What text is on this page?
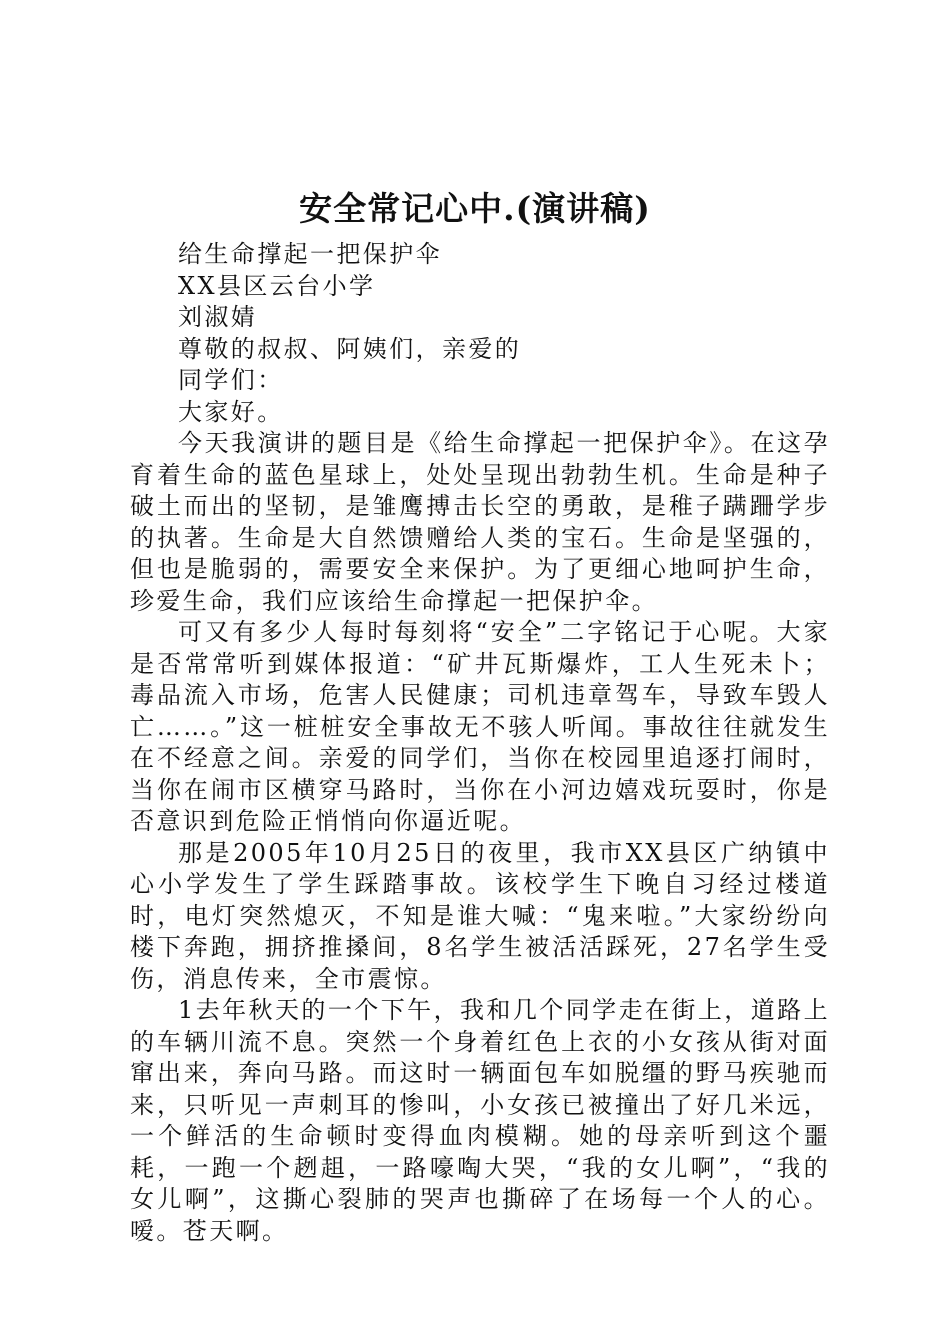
安全常记心中.(演讲稿)

给生命撑起一把保护伞

XX县区云台小学

刘淑婧

尊敬的叔叔、阿姨们，亲爱的

同学们：

大家好。

今天我演讲的题目是《给生命撑起一把保护伞》。在这孕育着生命的蓝色星球上，处处呈现出勃勃生机。生命是种子破土而出的坚韧，是雏鹰搏击长空的勇敢，是稚子蹒跚学步的执著。生命是大自然馈赠给人类的宝石。生命是坚强的，但也是脆弱的，需要安全来保护。为了更细心地呵护生命，珍爱生命，我们应该给生命撑起一把保护伞。

可又有多少人每时每刻将“安全”二字铭记于心呢。大家是否常常听到媒体报道：“矿井瓦斯爆炸，工人生死未卜；毒品流入市场，危害人民健康；司机违章驾车，导致车毁人亡……。”这一桩桩安全事故无不骇人听闻。事故往往就发生在不经意之间。亲爱的同学们，当你在校园里追逐打闹时，当你在闹市区横穿马路时，当你在小河边嬉戏玩耍时，你是否意识到危险正悄悄向你逼近呢。

那是2005年10月25日的夜里，我市XX县区广纳镇中心小学发生了学生踩踏事故。该校学生下晚自习经过楼道时，电灯突然熄灭，不知是谁大喊：“鬼来啦。”大家纷纷向楼下奔跑，拥挤推搡间，8名学生被活活踩死，27名学生受伤，消息传来，全市震惊。

1去年秋天的一个下午，我和几个同学走在街上，道路上的车辆川流不息。突然一个身着红色上衣的小女孩从街对面窜出来，奔向马路。而这时一辆面包车如脱缰的野马疾驰而来，只听见一声刺耳的惨叫，小女孩已被撞出了好几米远，一个鲜活的生命顿时变得血肉模糊。她的母亲听到这个噩耗，一跑一个趔趄，一路嚎啕大哭，“我的女儿啊”，“我的女儿啊”，这撕心裂肺的哭声也撕碎了在场每一个人的心。嗳。苍天啊。
